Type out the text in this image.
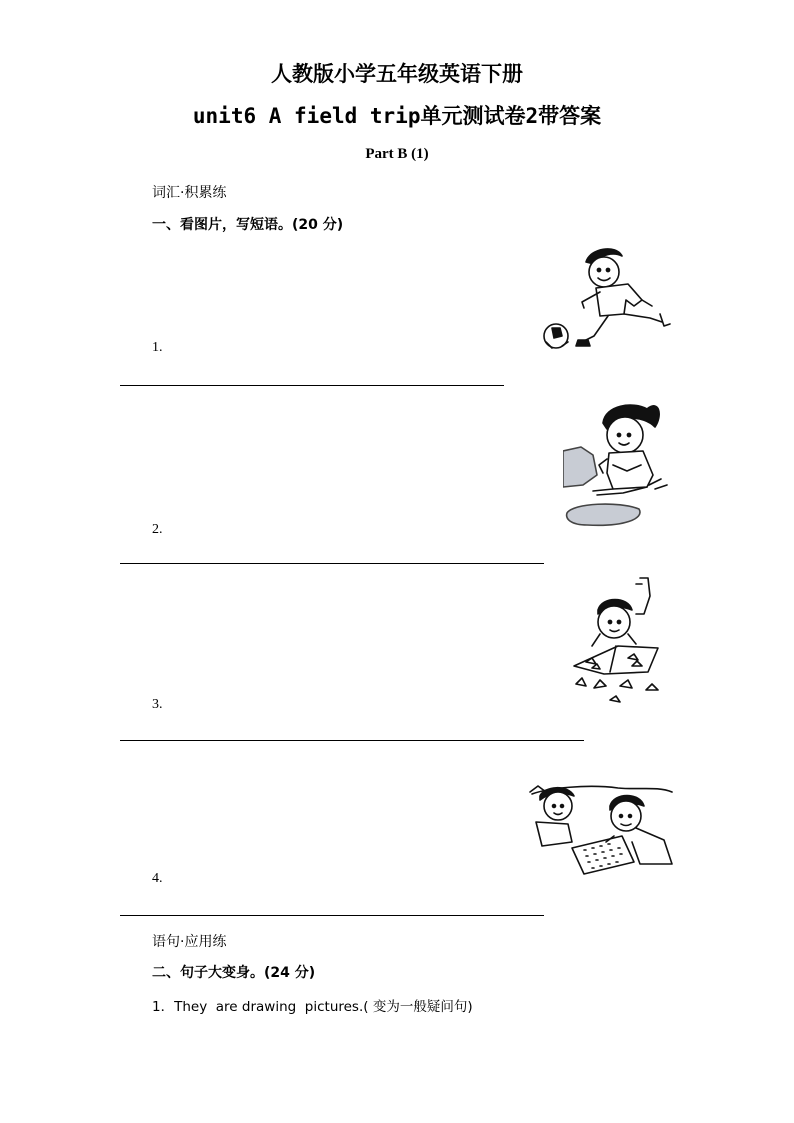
人教版小学五年级英语下册
unit6 A field trip单元测试卷2带答案
Part B (1)
词汇·积累练
一、看图片，写短语。(20 分)
1.
2.
3.
4.
语句·应用练
二、句子大变身。(24 分)
1．They  are drawing  pictures.( 变为一般疑问句)
